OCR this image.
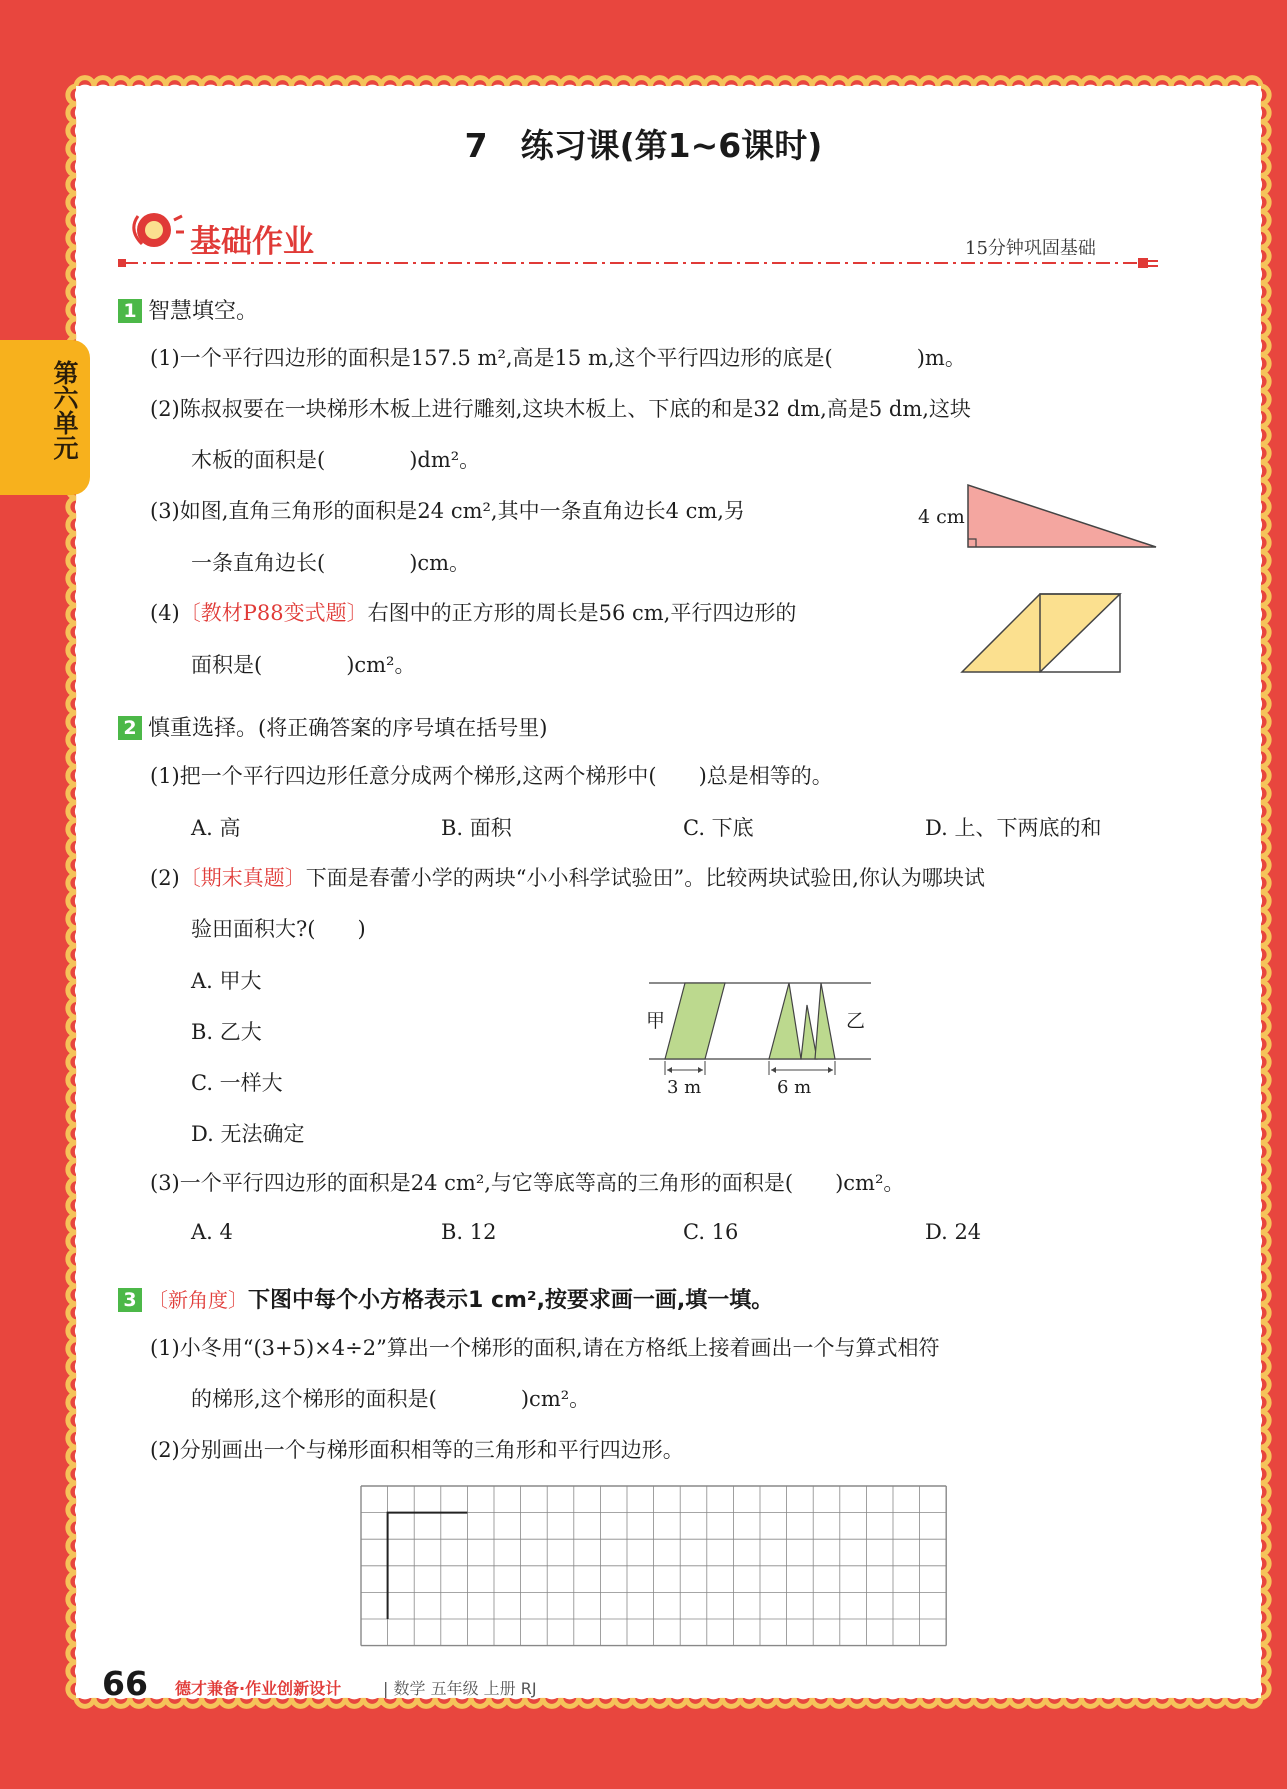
第六单元
7　练习课(第1~6课时)
基础作业	15分钟巩固基础
1 智慧填空。
(1)一个平行四边形的面积是157.5 m²,高是15 m,这个平行四边形的底是(　　　　)m。
(2)陈叔叔要在一块梯形木板上进行雕刻,这块木板上、下底的和是32 dm,高是5 dm,这块
木板的面积是(　　　　)dm²。
(3)如图,直角三角形的面积是24 cm²,其中一条直角边长4 cm,另
一条直角边长(　　　　)cm。
4 cm
(4)〔教材P88变式题〕右图中的正方形的周长是56 cm,平行四边形的
面积是(　　　　)cm²。
2 慎重选择。(将正确答案的序号填在括号里)
(1)把一个平行四边形任意分成两个梯形,这两个梯形中(　　)总是相等的。
A. 高	B. 面积	C. 下底	D. 上、下两底的和
(2)〔期末真题〕下面是春蕾小学的两块“小小科学试验田”。比较两块试验田,你认为哪块试
验田面积大?(　　)
A. 甲大
B. 乙大
C. 一样大
D. 无法确定
甲	乙
3 m	6 m
(3)一个平行四边形的面积是24 cm²,与它等底等高的三角形的面积是(　　)cm²。
A. 4	B. 12	C. 16	D. 24
3 〔新角度〕下图中每个小方格表示1 cm²,按要求画一画,填一填。
(1)小冬用“(3+5)×4÷2”算出一个梯形的面积,请在方格纸上接着画出一个与算式相符
的梯形,这个梯形的面积是(　　　　)cm²。
(2)分别画出一个与梯形面积相等的三角形和平行四边形。
66 德才兼备·作业创新设计	| 数学 五年级 上册 RJ
